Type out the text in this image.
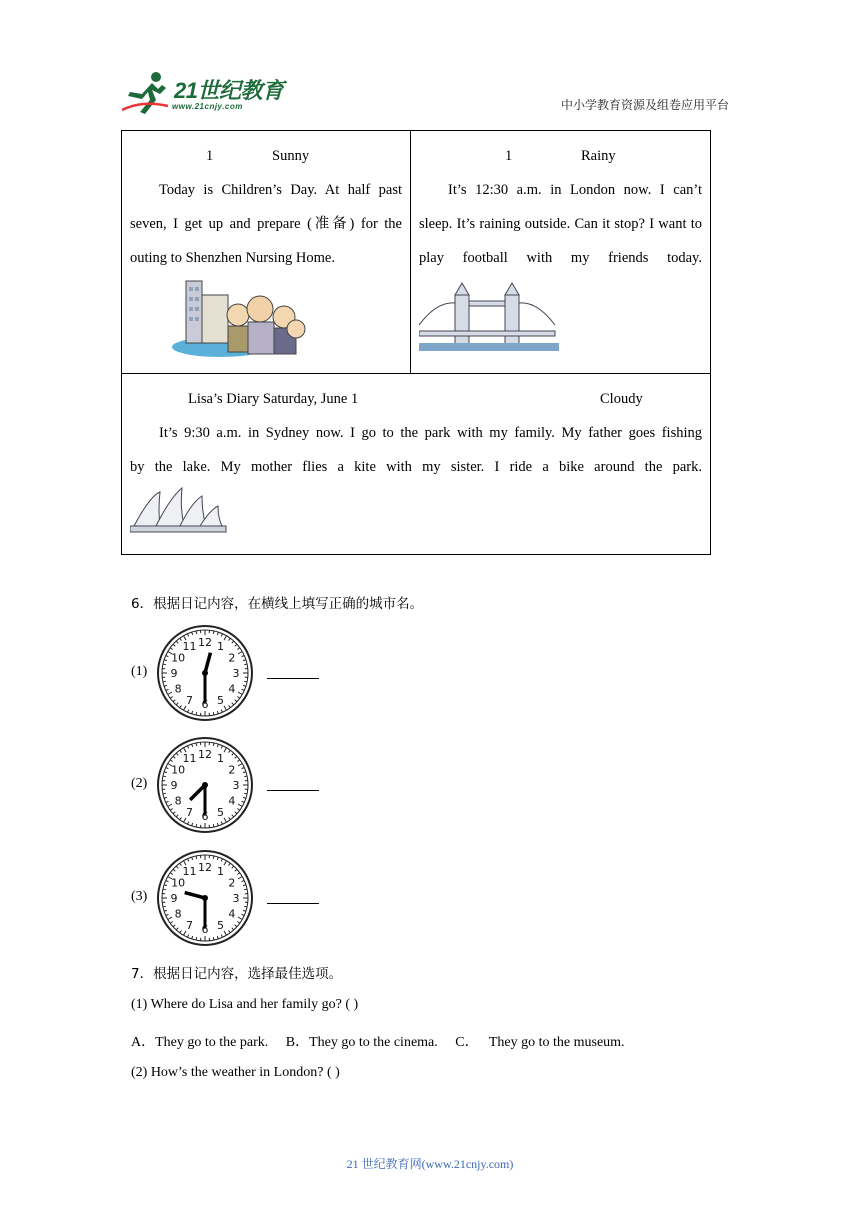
21世纪教育
www.21cnjy.com	中小学教育资源及组卷应用平台
1	Sunny

Today is Children’s Day. At half past seven, I get up and prepare (准备) for the outing to Shenzhen Nursing Home.

1	Rainy

It’s 12:30 a.m. in London now. I can’t sleep. It’s raining outside. Can it stop? I want to play football with my friends today.

Lisa’s Diary Saturday, June 1	Cloudy

It’s 9:30 a.m. in Sydney now. I go to the park with my family. My father goes fishing

by the lake. My mother flies a kite with my sister. I ride a bike around the park.

6．根据日记内容，在横线上填写正确的城市名。
(1)
1
2
3
4
5
6
7
8
9
10
11 12
(2)
1
2
3
4
5
6
7
8
9
10
11 12
(3)
1
2
3
4
5
6
7
8
9
10
11 12
7．根据日记内容，选择最佳选项。
(1) Where do Lisa and her family go? ( )
A．They go to the park.     B．They go to the cinema.     C．   They go to the museum.
(2) How’s the weather in London? ( )
21 世纪教育网(www.21cnjy.com)
